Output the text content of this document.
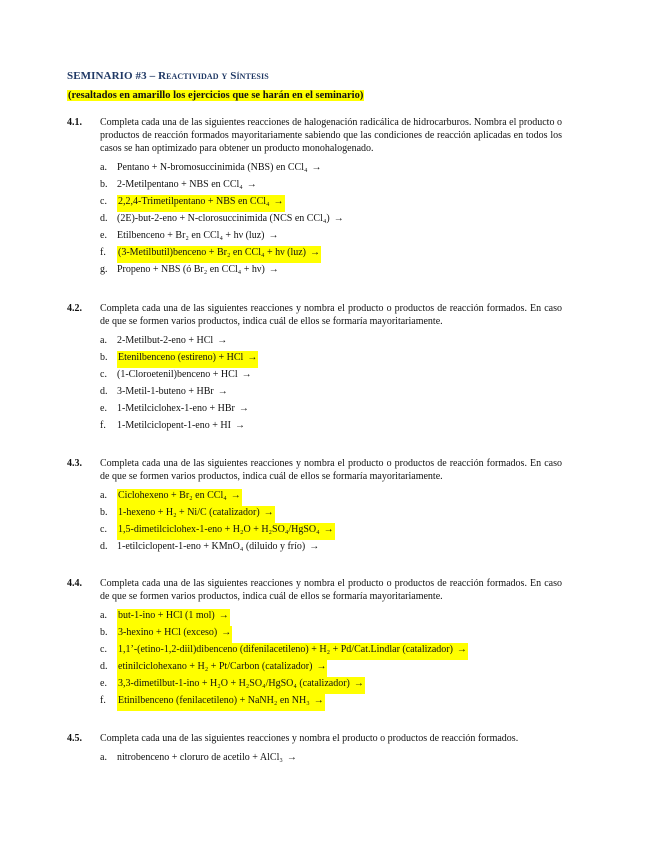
SEMINARIO #3 – Reactividad y Síntesis
(resaltados en amarillo los ejercicios que se harán en el seminario)
4.1.	Completa cada una de las siguientes reacciones de halogenación radicálica de hidrocarburos. Nombra el producto o productos de reacción formados mayoritariamente sabiendo que las condiciones de reacción aplicadas en todos los casos se han optimizado para obtener un producto monohalogenado.
a.	Pentano + N-bromosuccinimida (NBS) en CCl₄ →
b. 2-Metilpentano + NBS en CCl₄ →
c.	2,2,4-Trimetilpentano + NBS en CCl₄ →
d. (2E)-but-2-eno + N-clorosuccinimida (NCS en CCl₄) →
e.	Etilbenceno + Br₂ en CCl₄ + hν (luz) →
f.	(3-Metilbutil)benceno + Br₂ en CCl₄ + hν (luz) →
g. Propeno + NBS (ó Br₂ en CCl₄ + hν) →
4.2.	Completa cada una de las siguientes reacciones y nombra el producto o productos de reacción formados. En caso de que se formen varios productos, indica cuál de ellos se formaría mayoritariamente.
a.	2-Metilbut-2-eno + HCl →
b.	Etenilbenceno (estireno) + HCl →
c.	(1-Cloroetenil)benceno + HCl →
d. 3-Metil-1-buteno + HBr →
e.	1-Metilciclohex-1-eno + HBr →
f.	1-Metilciclopent-1-eno + HI →
4.3.	Completa cada una de las siguientes reacciones y nombra el producto o productos de reacción formados. En caso de que se formen varios productos, indica cuál de ellos se formaría mayoritariamente.
a.	Ciclohexeno + Br₂ en CCl₄ →
b.	1-hexeno + H₂ + Ni/C (catalizador) →
c.	1,5-dimetilciclohex-1-eno + H₂O + H₂SO₄/HgSO₄ →
d. 1-etilciclopent-1-eno + KMnO₄ (diluido y frío) →
4.4.	Completa cada una de las siguientes reacciones y nombra el producto o productos de reacción formados. En caso de que se formen varios productos, indica cuál de ellos se formaría mayoritariamente.
a.	but-1-ino + HCl (1 mol) →
b.	3-hexino + HCl (exceso) →
c.	1,1’-(etino-1,2-diil)dibenceno (difenilacetileno) + H₂ + Pd/Cat.Lindlar (catalizador) →
d.	etinilciclohexano + H₂ + Pt/Carbon (catalizador) →
e.	3,3-dimetilbut-1-ino + H₂O + H₂SO₄/HgSO₄ (catalizador) →
f.	Etinilbenceno (fenilacetileno) + NaNH₂ en NH₃ →
4.5.	Completa cada una de las siguientes reacciones y nombra el producto o productos de reacción formados.
a.	nitrobenceno + cloruro de acetilo + AlCl₃ →
